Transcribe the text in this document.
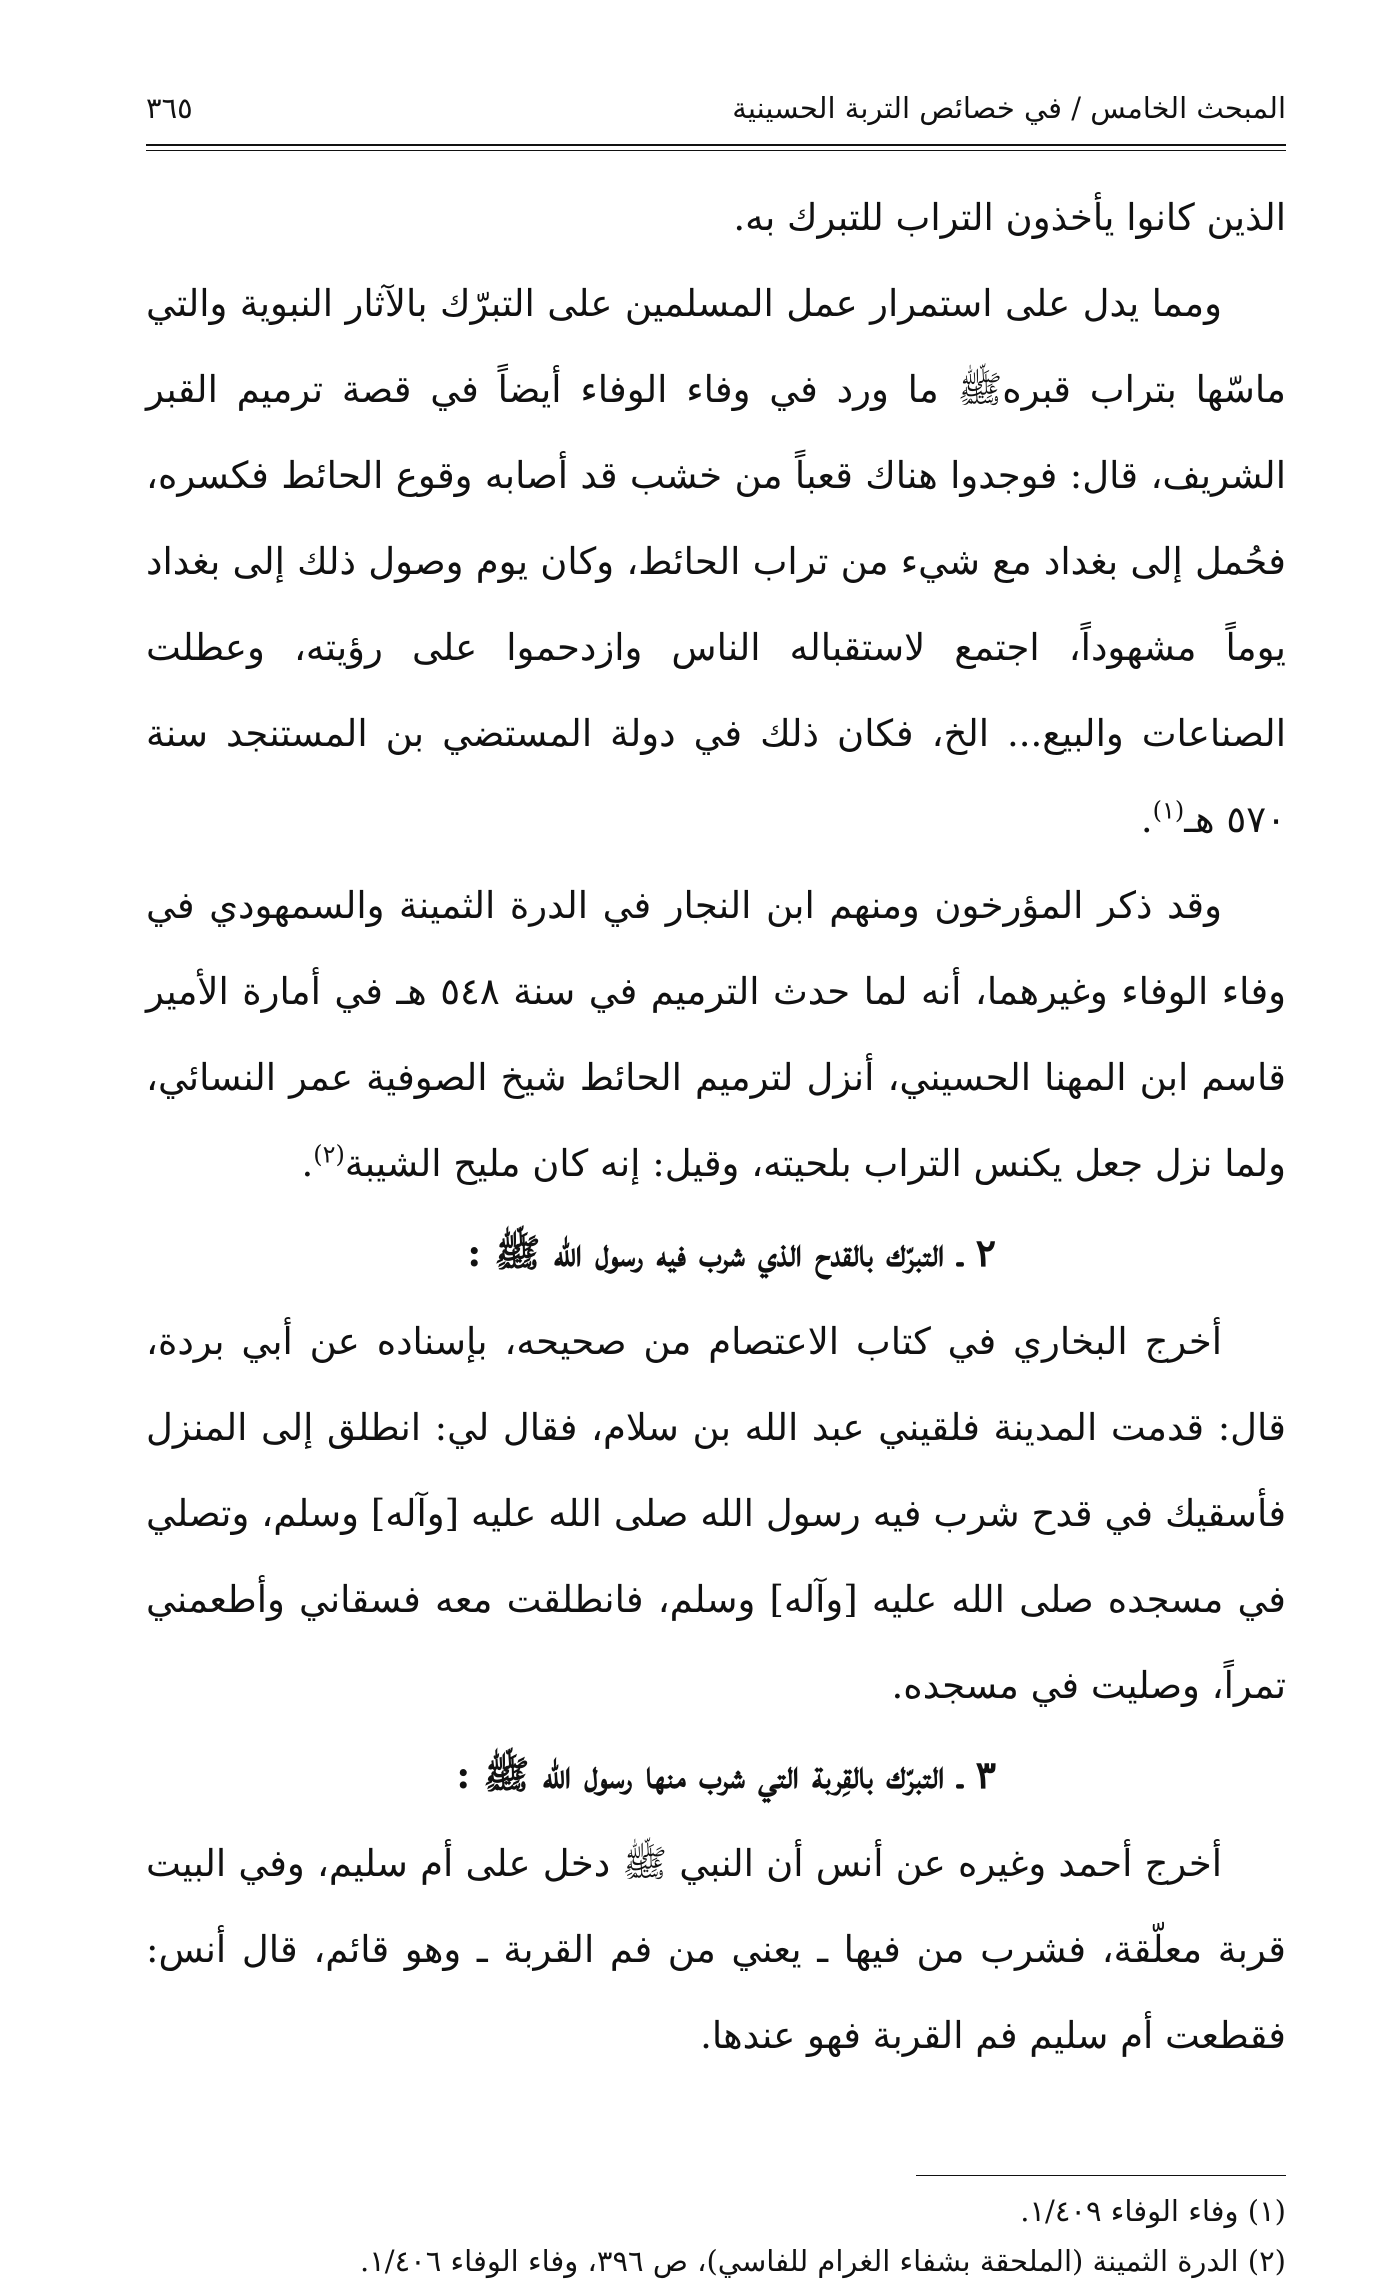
المبحث الخامس / في خصائص التربة الحسينية
٣٦٥

الذين كانوا يأخذون التراب للتبرك به.

ومما يدل على استمرار عمل المسلمين على التبرّك بالآثار النبوية والتي ماسّها بتراب قبرهﷺ ما ورد في وفاء الوفاء أيضاً في قصة ترميم القبر الشريف، قال: فوجدوا هناك قعباً من خشب قد أصابه وقوع الحائط فكسره، فحُمل إلى بغداد مع شيء من تراب الحائط، وكان يوم وصول ذلك إلى بغداد يوماً مشهوداً، اجتمع لاستقباله الناس وازدحموا على رؤيته، وعطلت الصناعات والبيع... الخ، فكان ذلك في دولة المستضي بن المستنجد سنة ٥٧٠ هـ$^{(١)}$.

وقد ذكر المؤرخون ومنهم ابن النجار في الدرة الثمينة والسمهودي في وفاء الوفاء وغيرهما، أنه لما حدث الترميم في سنة ٥٤٨ هـ في أمارة الأمير قاسم ابن المهنا الحسيني، أنزل لترميم الحائط شيخ الصوفية عمر النسائي، ولما نزل جعل يكنس التراب بلحيته، وقيل: إنه كان مليح الشيبة$^{(٢)}$.

٢ ـ التبرّك بالقدح الذي شرب فيه رسول الله ﷺ :

أخرج البخاري في كتاب الاعتصام من صحيحه، بإسناده عن أبي بردة، قال: قدمت المدينة فلقيني عبد الله بن سلام، فقال لي: انطلق إلى المنزل فأسقيك في قدح شرب فيه رسول الله صلى الله عليه [وآله] وسلم، وتصلي في مسجده صلى الله عليه [وآله] وسلم، فانطلقت معه فسقاني وأطعمني تمراً، وصليت في مسجده.

٣ ـ التبرّك بالقِربة التي شرب منها رسول الله ﷺ :

أخرج أحمد وغيره عن أنس أن النبي ﷺ دخل على أم سليم، وفي البيت قربة معلّقة، فشرب من فيها ـ يعني من فم القربة ـ وهو قائم، قال أنس: فقطعت أم سليم فم القربة فهو عندها.

(١) وفاء الوفاء ١/٤٠٩.

(٢) الدرة الثمينة (الملحقة بشفاء الغرام للفاسي)، ص ٣٩٦، وفاء الوفاء ١/٤٠٦.
